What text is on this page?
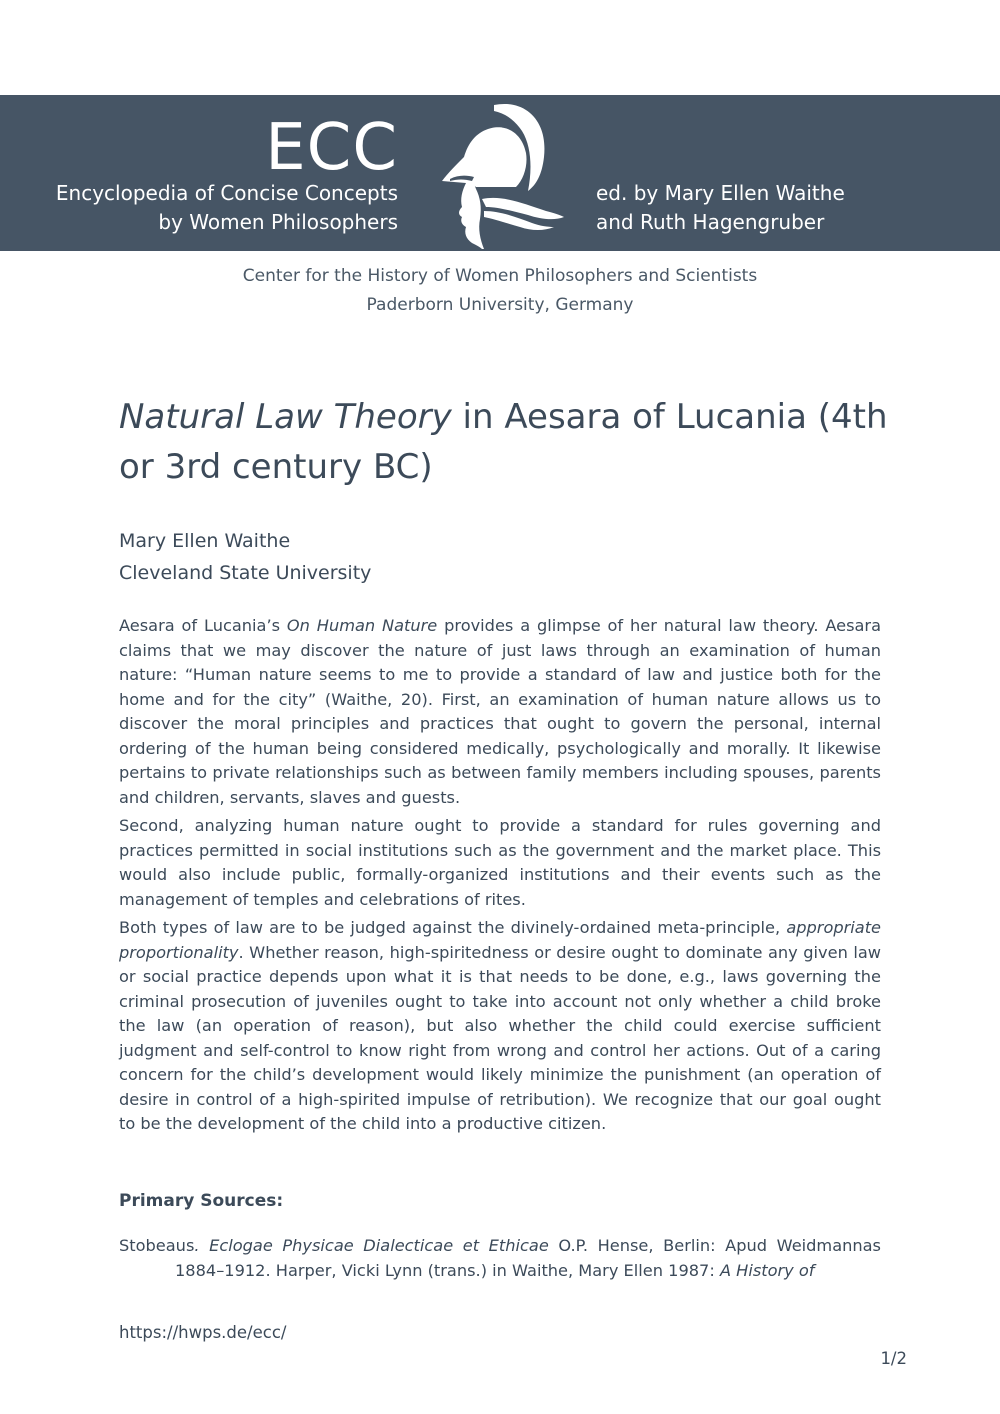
ECC
Encyclopedia of Concise Concepts
by Women Philosophers
ed. by Mary Ellen Waithe
and Ruth Hagengruber
Center for the History of Women Philosophers and Scientists
Paderborn University, Germany
Natural Law Theory in Aesara of Lucania (4th or 3rd century BC)
Mary Ellen Waithe
Cleveland State University

Aesara of Lucania’s On Human Nature provides a glimpse of her natural law theory. Aesara claims that we may discover the nature of just laws through an examination of human nature: “Human nature seems to me to provide a standard of law and justice both for the home and for the city” (Waithe, 20). First, an examination of human nature allows us to discover the moral principles and practices that ought to govern the personal, internal ordering of the human being considered medically, psychologically and morally. It likewise pertains to private relationships such as between family members including spouses, parents and children, servants, slaves and guests.

Second, analyzing human nature ought to provide a standard for rules governing and practices permitted in social institutions such as the government and the market place. This would also include public, formally-organized institutions and their events such as the management of temples and celebrations of rites.

Both types of law are to be judged against the divinely-ordained meta-principle, appropriate proportionality. Whether reason, high-spiritedness or desire ought to dominate any given law or social practice depends upon what it is that needs to be done, e.g., laws governing the criminal prosecution of juveniles ought to take into account not only whether a child broke the law (an operation of reason), but also whether the child could exercise sufficient judgment and self-control to know right from wrong and control her actions. Out of a caring concern for the child’s development would likely minimize the punishment (an operation of desire in control of a high-spirited impulse of retribution). We recognize that our goal ought to be the development of the child into a productive citizen.

Primary Sources:
Stobeaus. Eclogae Physicae Dialecticae et Ethicae O.P. Hense, Berlin: Apud Weidmannas 1884–1912. Harper, Vicki Lynn (trans.) in Waithe, Mary Ellen 1987: A History of
https://hwps.de/ecc/
1/2
